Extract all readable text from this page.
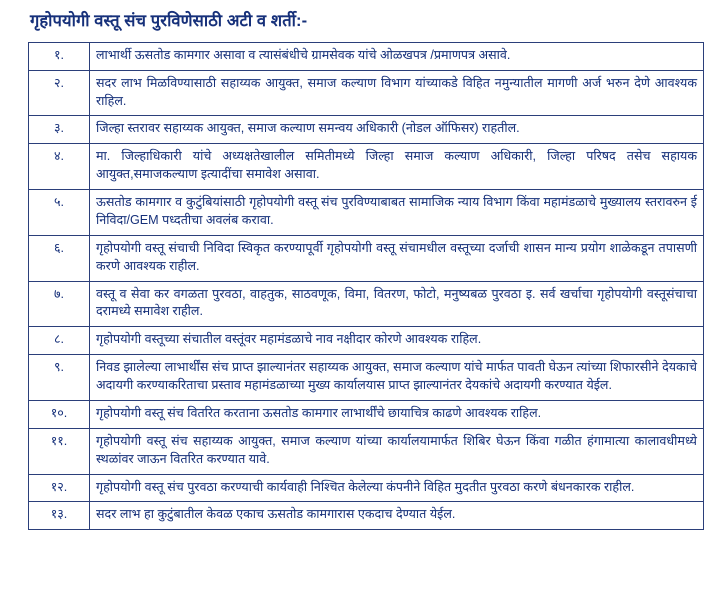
गृहोपयोगी वस्तू संच पुरविणेसाठी अटी व शर्ती:-
१.	लाभार्थी ऊसतोड कामगार असावा व त्यासंबंधीचे ग्रामसेवक यांचे ओळखपत्र /प्रमाणपत्र असावे.
२.	सदर लाभ मिळविण्यासाठी सहाय्यक आयुक्त, समाज कल्याण विभाग यांच्याकडे विहित नमुन्यातील मागणी अर्ज भरुन देणे आवश्यक राहिल.
३.	जिल्हा स्तरावर सहाय्यक आयुक्त, समाज कल्याण समन्वय अधिकारी (नोडल ऑफिसर) राहतील.
४.	मा. जिल्हाधिकारी यांचे अध्यक्षतेखालील समितीमध्ये जिल्हा समाज कल्याण अधिकारी, जिल्हा परिषद तसेच सहायक आयुक्त,समाजकल्याण इत्यादींचा समावेश असावा.
५.	ऊसतोड कामगार व कुटुंबियांसाठी गृहोपयोगी वस्तू संच पुरविण्याबाबत सामाजिक न्याय विभाग किंवा महामंडळाचे मुख्यालय स्तरावरुन ई निविदा/GEM पध्दतीचा अवलंब करावा.
६.	गृहोपयोगी वस्तू संचाची निविदा स्विकृत करण्यापूर्वी गृहोपयोगी वस्तू संचामधील वस्तूच्या दर्जाची शासन मान्य प्रयोग शाळेकडून तपासणी करणे आवश्यक राहील.
७.	वस्तू व सेवा कर वगळता पुरवठा, वाहतुक, साठवणूक, विमा, वितरण, फोटो, मनुष्यबळ पुरवठा इ. सर्व खर्चाचा गृहोपयोगी वस्तूसंचाचा दरामध्ये समावेश राहील.
८.	गृहोपयोगी वस्तूच्या संचातील वस्तूंवर महामंडळाचे नाव नक्षीदार कोरणे आवश्यक राहिल.
९.	निवड झालेल्या लाभार्थींस संच प्राप्त झाल्यानंतर सहाय्यक आयुक्त, समाज कल्याण यांचे मार्फत पावती घेऊन त्यांच्या शिफारसीने देयकाचे अदायगी करण्याकरिताचा प्रस्ताव महामंडळाच्या मुख्य कार्यालयास प्राप्त झाल्यानंतर देयकांचे अदायगी करण्यात येईल.
१०.	गृहोपयोगी वस्तू संच वितरित करताना ऊसतोड कामगार लाभार्थींचे छायाचित्र काढणे आवश्यक राहिल.
११.	गृहोपयोगी वस्तू संच सहाय्यक आयुक्त, समाज कल्याण यांच्या कार्यालयामार्फत शिबिर घेऊन किंवा गळीत हंगामात्या कालावधीमध्ये स्थळांवर जाऊन वितरित करण्यात यावे.
१२.	गृहोपयोगी वस्तू संच पुरवठा करण्याची कार्यवाही निश्चित केलेल्या कंपनीने विहित मुदतीत पुरवठा करणे बंधनकारक राहील.
१३.	सदर लाभ हा कुटुंबातील केवळ एकाच ऊसतोड कामगारास एकदाच देण्यात येईल.
